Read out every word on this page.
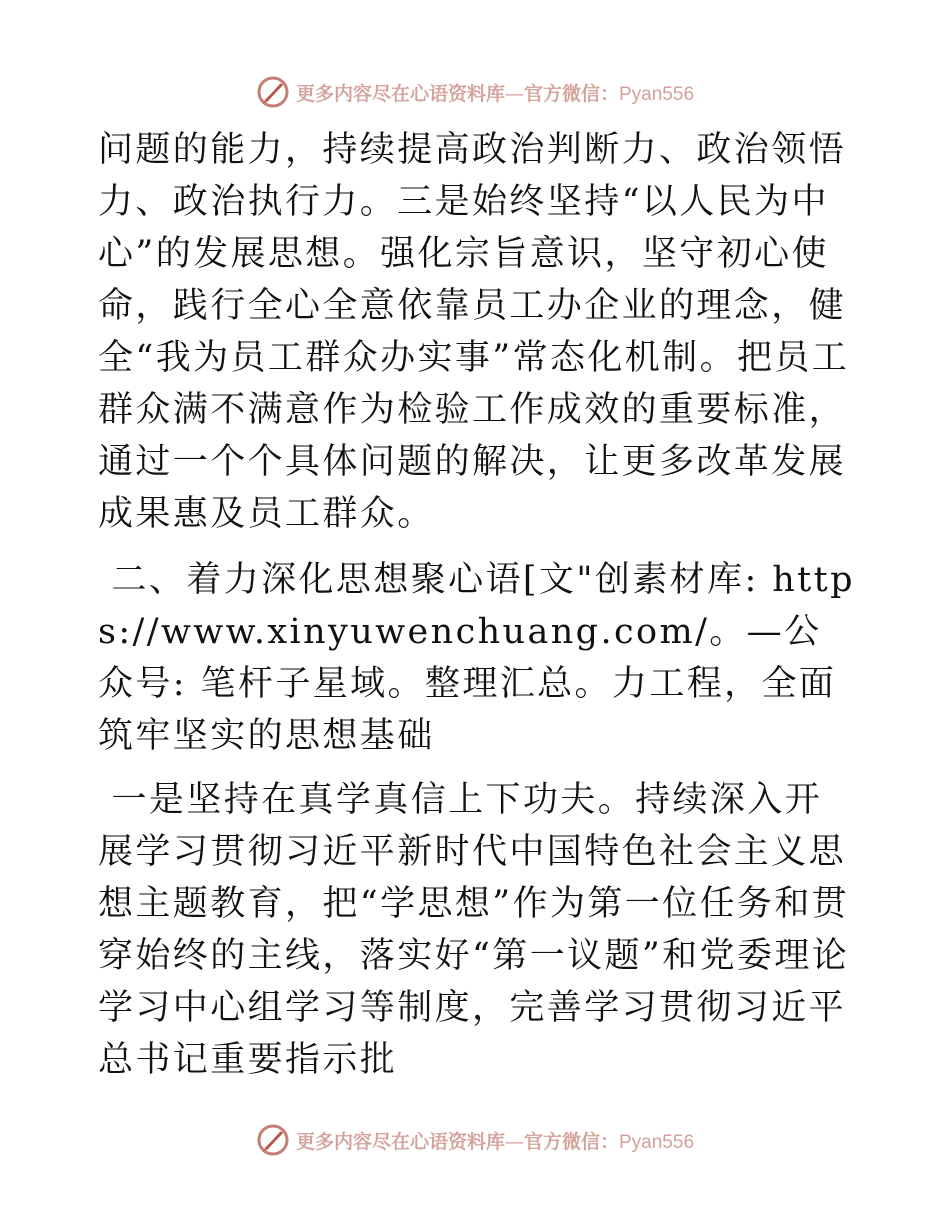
更多内容尽在心语资料库—官方微信：Pyan556

问题的能力，持续提高政治判断力、政治领悟力、政治执行力。三是始终坚持“以人民为中心”的发展思想。强化宗旨意识，坚守初心使命，践行全心全意依靠员工办企业的理念，健全“我为员工群众办实事”常态化机制。把员工群众满不满意作为检验工作成效的重要标准，通过一个个具体问题的解决，让更多改革发展成果惠及员工群众。

二、着力深化思想聚心语[文"创素材库: https://www.xinyuwenchuang.com/。—公众号: 笔杆子星域。整理汇总。力工程，全面筑牢坚实的思想基础

一是坚持在真学真信上下功夫。持续深入开展学习贯彻习近平新时代中国特色社会主义思想主题教育，把“学思想”作为第一位任务和贯穿始终的主线，落实好“第一议题”和党委理论学习中心组学习等制度，完善学习贯彻习近平总书记重要指示批

更多内容尽在心语资料库—官方微信：Pyan556
